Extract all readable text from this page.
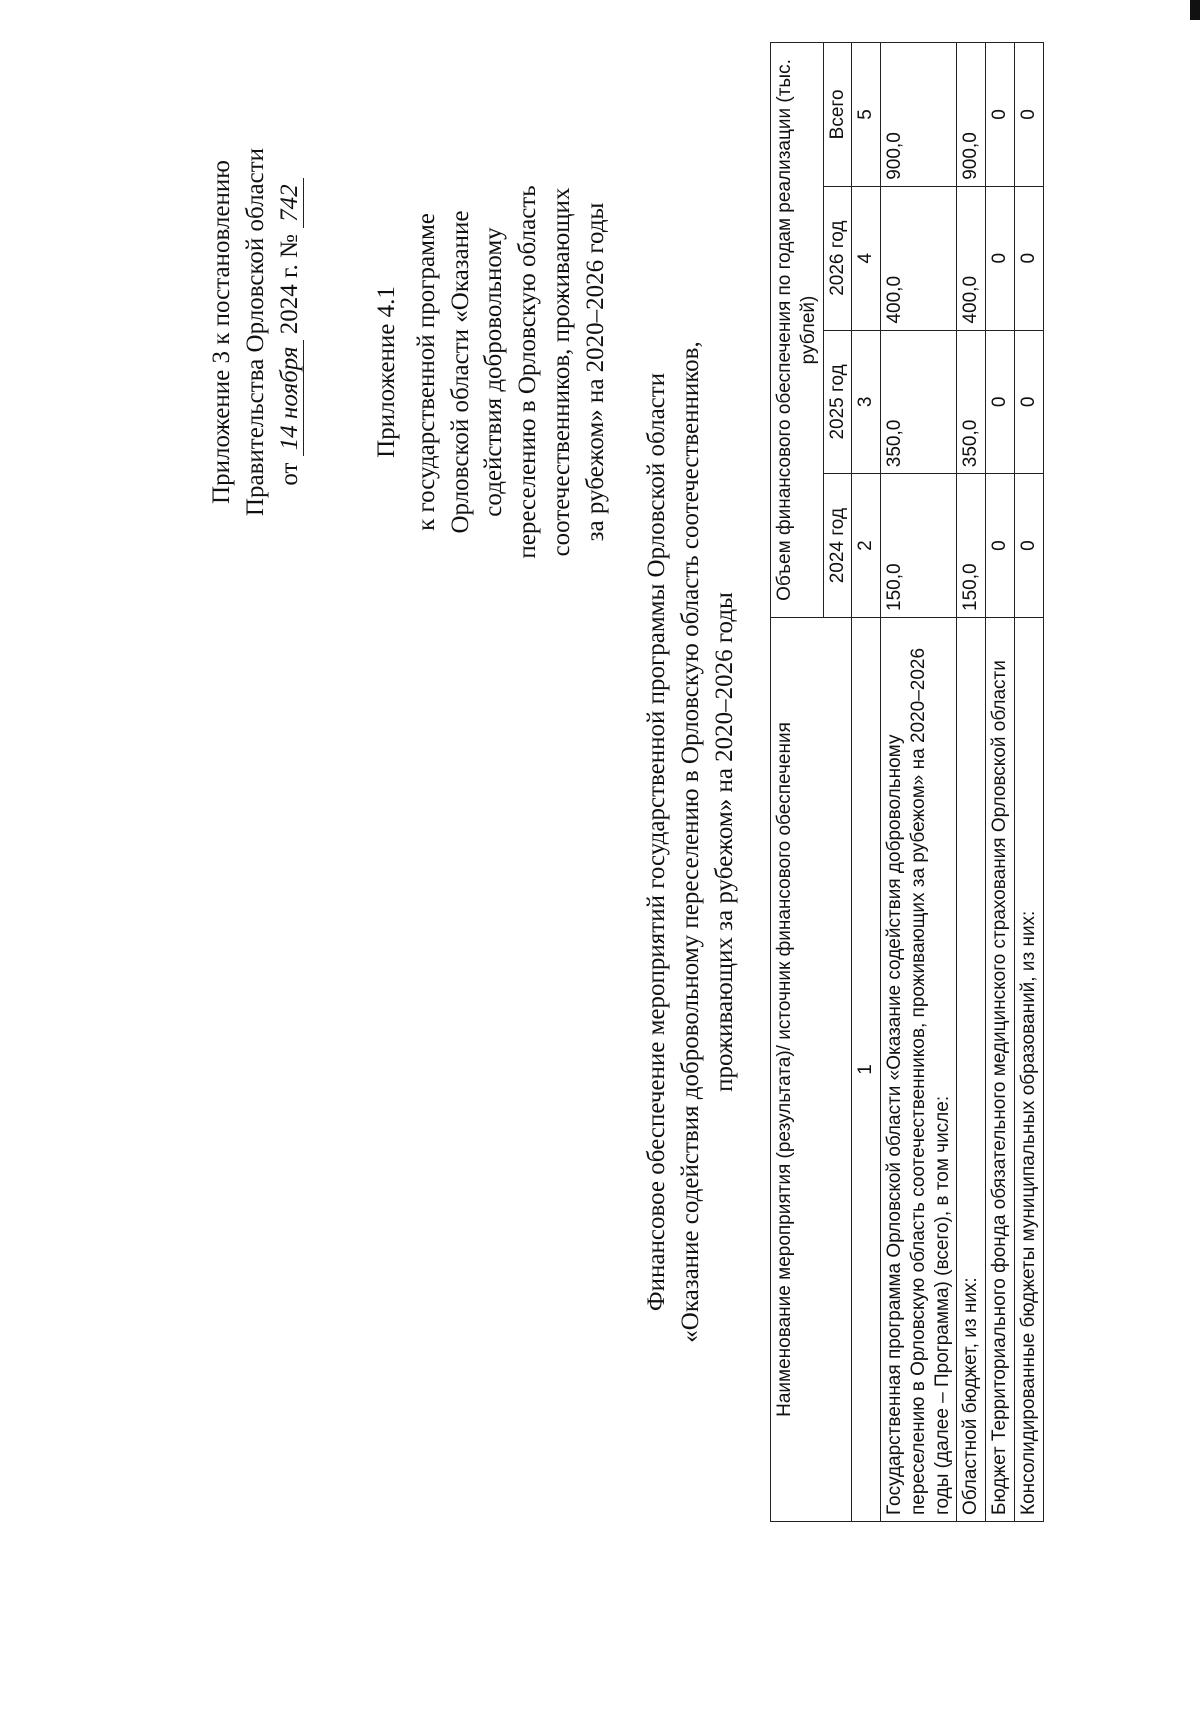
Приложение 3 к постановлению Правительства Орловской области от 14 ноября 2024 г. № 742
Приложение 4.1 к государственной программе Орловской области «Оказание содействия добровольному переселению в Орловскую область соотечественников, проживающих за рубежом» на 2020–2026 годы
Финансовое обеспечение мероприятий государственной программы Орловской области «Оказание содействия добровольному переселению в Орловскую область соотечественников, проживающих за рубежом» на 2020–2026 годы Наименование мероприятия (результата)/ источник финансового обеспечения	Объем финансового обеспечения по годам реализации (тыс. рублей)			
	2024 год	2025 год	2026 год	Всего
1	2	3	4	5
Государственная программа Орловской области «Оказание содействия добровольному переселению в Орловскую область соотечественников, проживающих за рубежом» на 2020–2026 годы (далее – Программа) (всего), в том числе:	150,0	350,0	400,0	900,0
Областной бюджет, из них:	150,0	350,0	400,0	900,0
Бюджет Территориального фонда обязательного медицинского страхования Орловской области	0	0	0	0
Консолидированные бюджеты муниципальных образований, из них:	0	0	0	0
